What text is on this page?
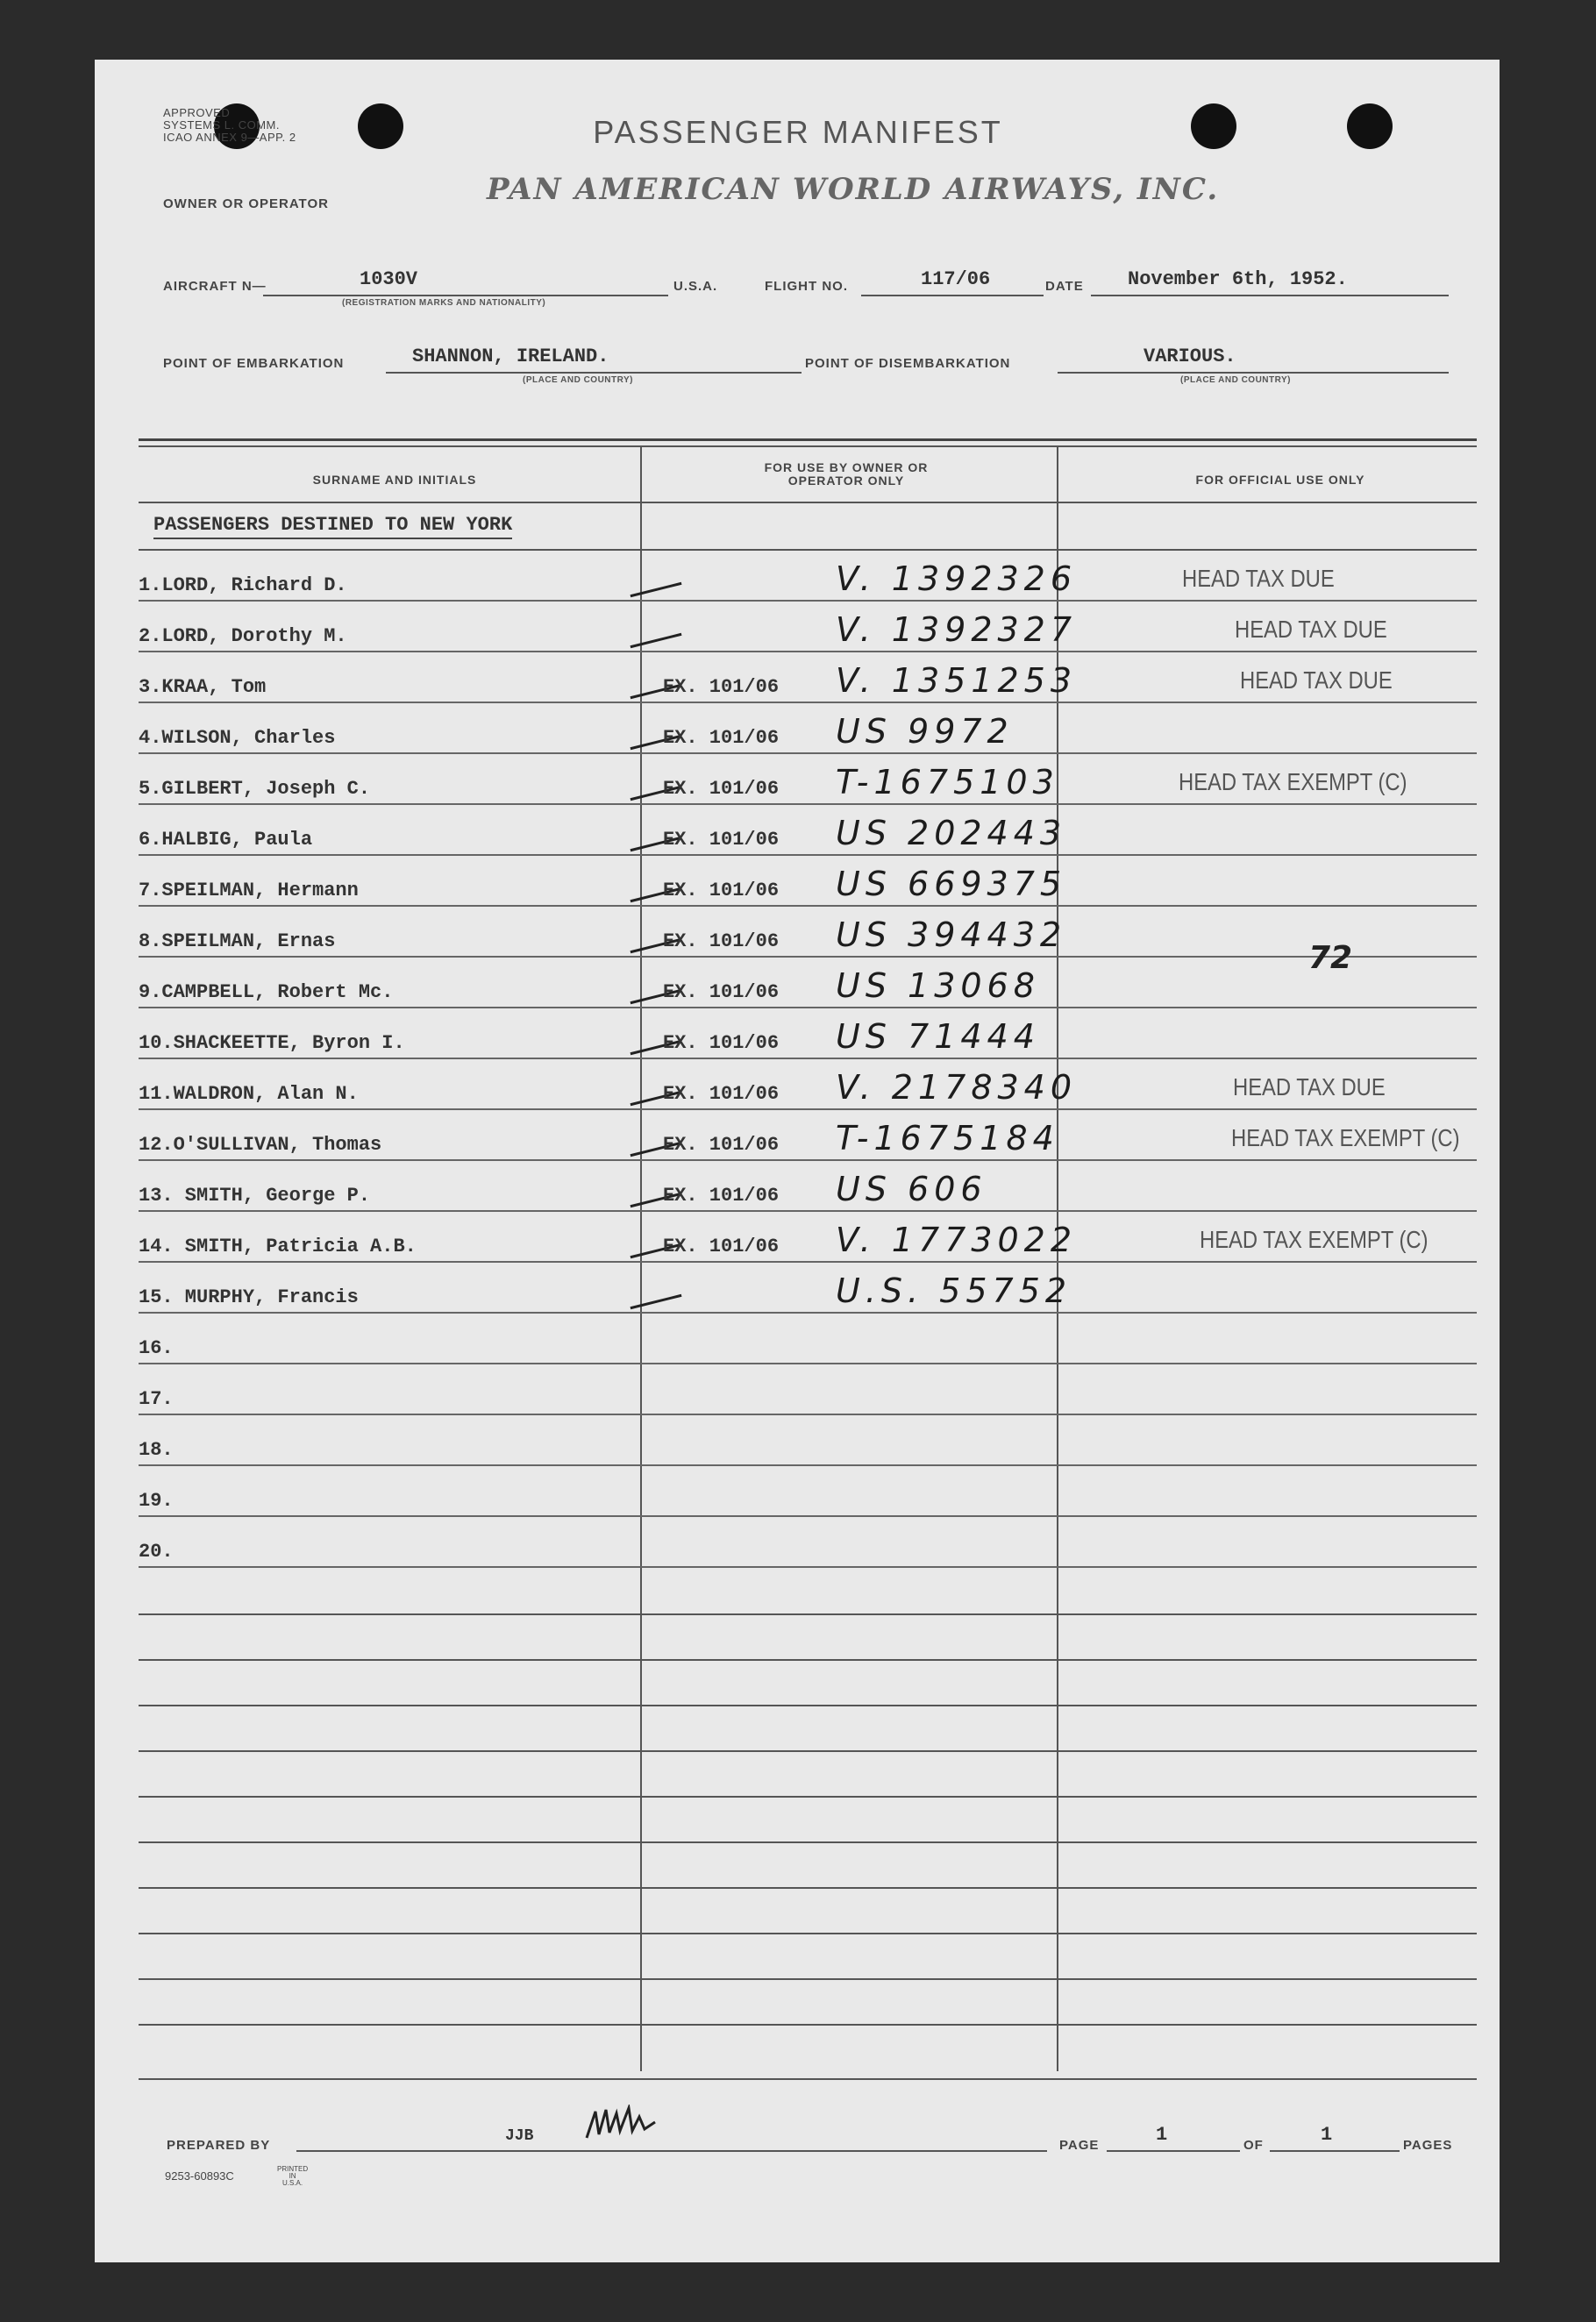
APPROVED
SYSTEMS L. COMM.
ICAO ANNEX 9—APP. 2	PASSENGER MANIFEST
OWNER OR OPERATOR	PAN AMERICAN WORLD AIRWAYS, INC.
AIRCRAFT N—	1030V
(REGISTRATION MARKS AND NATIONALITY)
U.S.A.	FLIGHT NO.	117/06	DATE November 6th, 1952.
POINT OF EMBARKATION	SHANNON, IRELAND.
(PLACE AND COUNTRY)
POINT OF DISEMBARKATION	VARIOUS.
(PLACE AND COUNTRY)
SURNAME AND INITIALS
FOR USE BY OWNER OR OPERATOR ONLY	FOR OFFICIAL USE ONLY
PASSENGERS DESTINED TO NEW YORK
1.LORD, Richard D.	V. 1392326	HEAD TAX DUE
2.LORD, Dorothy M.	V. 1392327	HEAD TAX DUE
3.KRAA, Tom	EX. 101/06 V. 1351253	HEAD TAX DUE
4.WILSON, Charles	EX. 101/06 US 9972
5.GILBERT, Joseph C.	EX. 101/06 T-1675103	HEAD TAX EXEMPT (C)
6.HALBIG, Paula	EX. 101/06 US 202443
7.SPEILMAN, Hermann	EX. 101/06 US 669375
8.SPEILMAN, Ernas	EX. 101/06 US 394432
9.CAMPBELL, Robert Mc.	EX. 101/06 US 13068
10.SHACKEETTE, Byron I.	EX. 101/06 US 71444
11.WALDRON, Alan N.	EX. 101/06 V. 2178340	HEAD TAX DUE
12.O'SULLIVAN, Thomas	EX. 101/06 T-1675184	HEAD TAX EXEMPT (C)
13. SMITH, George P.	EX. 101/06 US 606
14. SMITH, Patricia A.B.	EX. 101/06 V. 1773022	HEAD TAX EXEMPT (C)
15. MURPHY, Francis	U.S. 55752
16.
17.
18.
19.
20.
72
PREPARED BY
JJB
PAGE	1	OF	1	PAGES
9253-60893C
PRINTED
IN
U.S.A.
